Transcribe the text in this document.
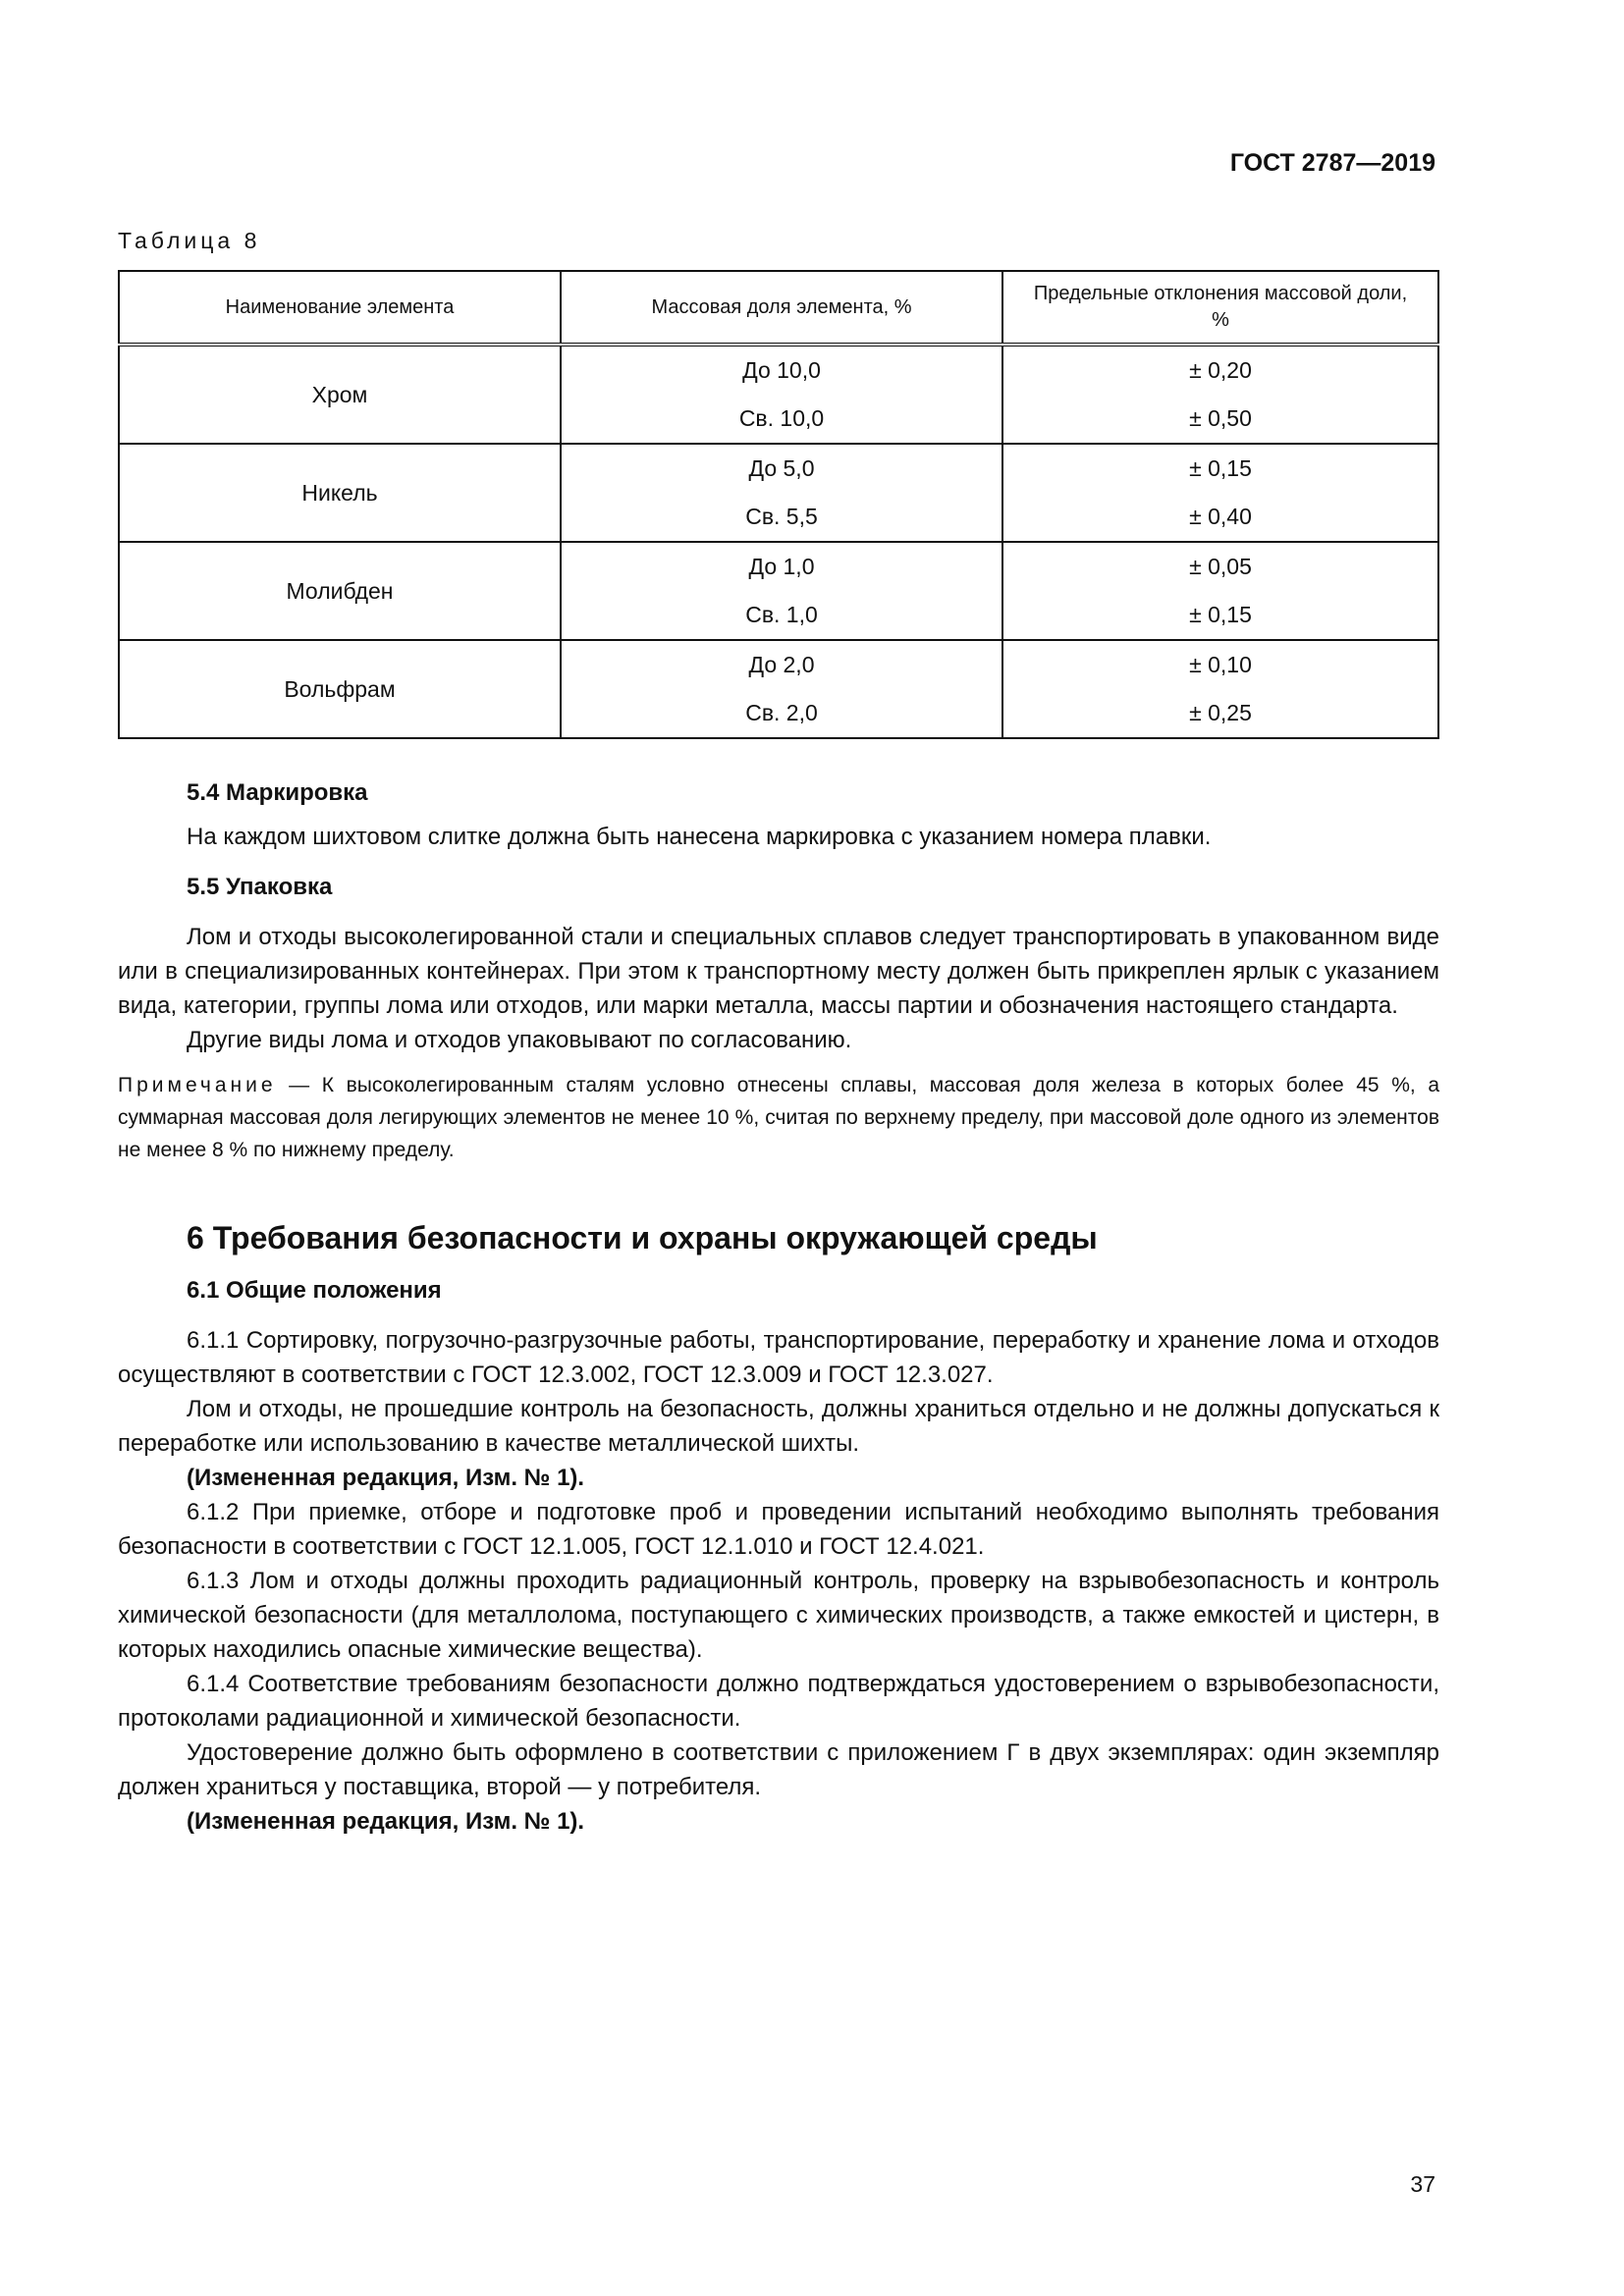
ГОСТ 2787—2019
Таблица 8
Наименование элемента	Массовая доля элемента, %	Предельные отклонения массовой доли, %
Хром	До 10,0	± 0,20
	Св. 10,0	± 0,50
Никель	До 5,0	± 0,15
	Св. 5,5	± 0,40
Молибден	До 1,0	± 0,05
	Св. 1,0	± 0,15
Вольфрам	До 2,0	± 0,10
	Св. 2,0	± 0,25

5.4 Маркировка

На каждом шихтовом слитке должна быть нанесена маркировка с указанием номера плавки.

5.5 Упаковка

Лом и отходы высоколегированной стали и специальных сплавов следует транспортировать в упакованном виде или в специализированных контейнерах. При этом к транспортному месту должен быть прикреплен ярлык с указанием вида, категории, группы лома или отходов, или марки металла, массы партии и обозначения настоящего стандарта.

Другие виды лома и отходов упаковывают по согласованию.

Примечание — К высоколегированным сталям условно отнесены сплавы, массовая доля железа в которых более 45 %, а суммарная массовая доля легирующих элементов не менее 10 %, считая по верхнему пределу, при массовой доле одного из элементов не менее 8 % по нижнему пределу.

6 Требования безопасности и охраны окружающей среды

6.1 Общие положения

6.1.1 Сортировку, погрузочно-разгрузочные работы, транспортирование, переработку и хранение лома и отходов осуществляют в соответствии с ГОСТ 12.3.002, ГОСТ 12.3.009 и ГОСТ 12.3.027.

Лом и отходы, не прошедшие контроль на безопасность, должны храниться отдельно и не должны допускаться к переработке или использованию в качестве металлической шихты.

(Измененная редакция, Изм. № 1).

6.1.2 При приемке, отборе и подготовке проб и проведении испытаний необходимо выполнять требования безопасности в соответствии с ГОСТ 12.1.005, ГОСТ 12.1.010 и ГОСТ 12.4.021.

6.1.3 Лом и отходы должны проходить радиационный контроль, проверку на взрывобезопасность и контроль химической безопасности (для металлолома, поступающего с химических производств, а также емкостей и цистерн, в которых находились опасные химические вещества).

6.1.4 Соответствие требованиям безопасности должно подтверждаться удостоверением о взрывобезопасности, протоколами радиационной и химической безопасности.

Удостоверение должно быть оформлено в соответствии с приложением Г в двух экземплярах: один экземпляр должен храниться у поставщика, второй — у потребителя.

(Измененная редакция, Изм. № 1).

37
